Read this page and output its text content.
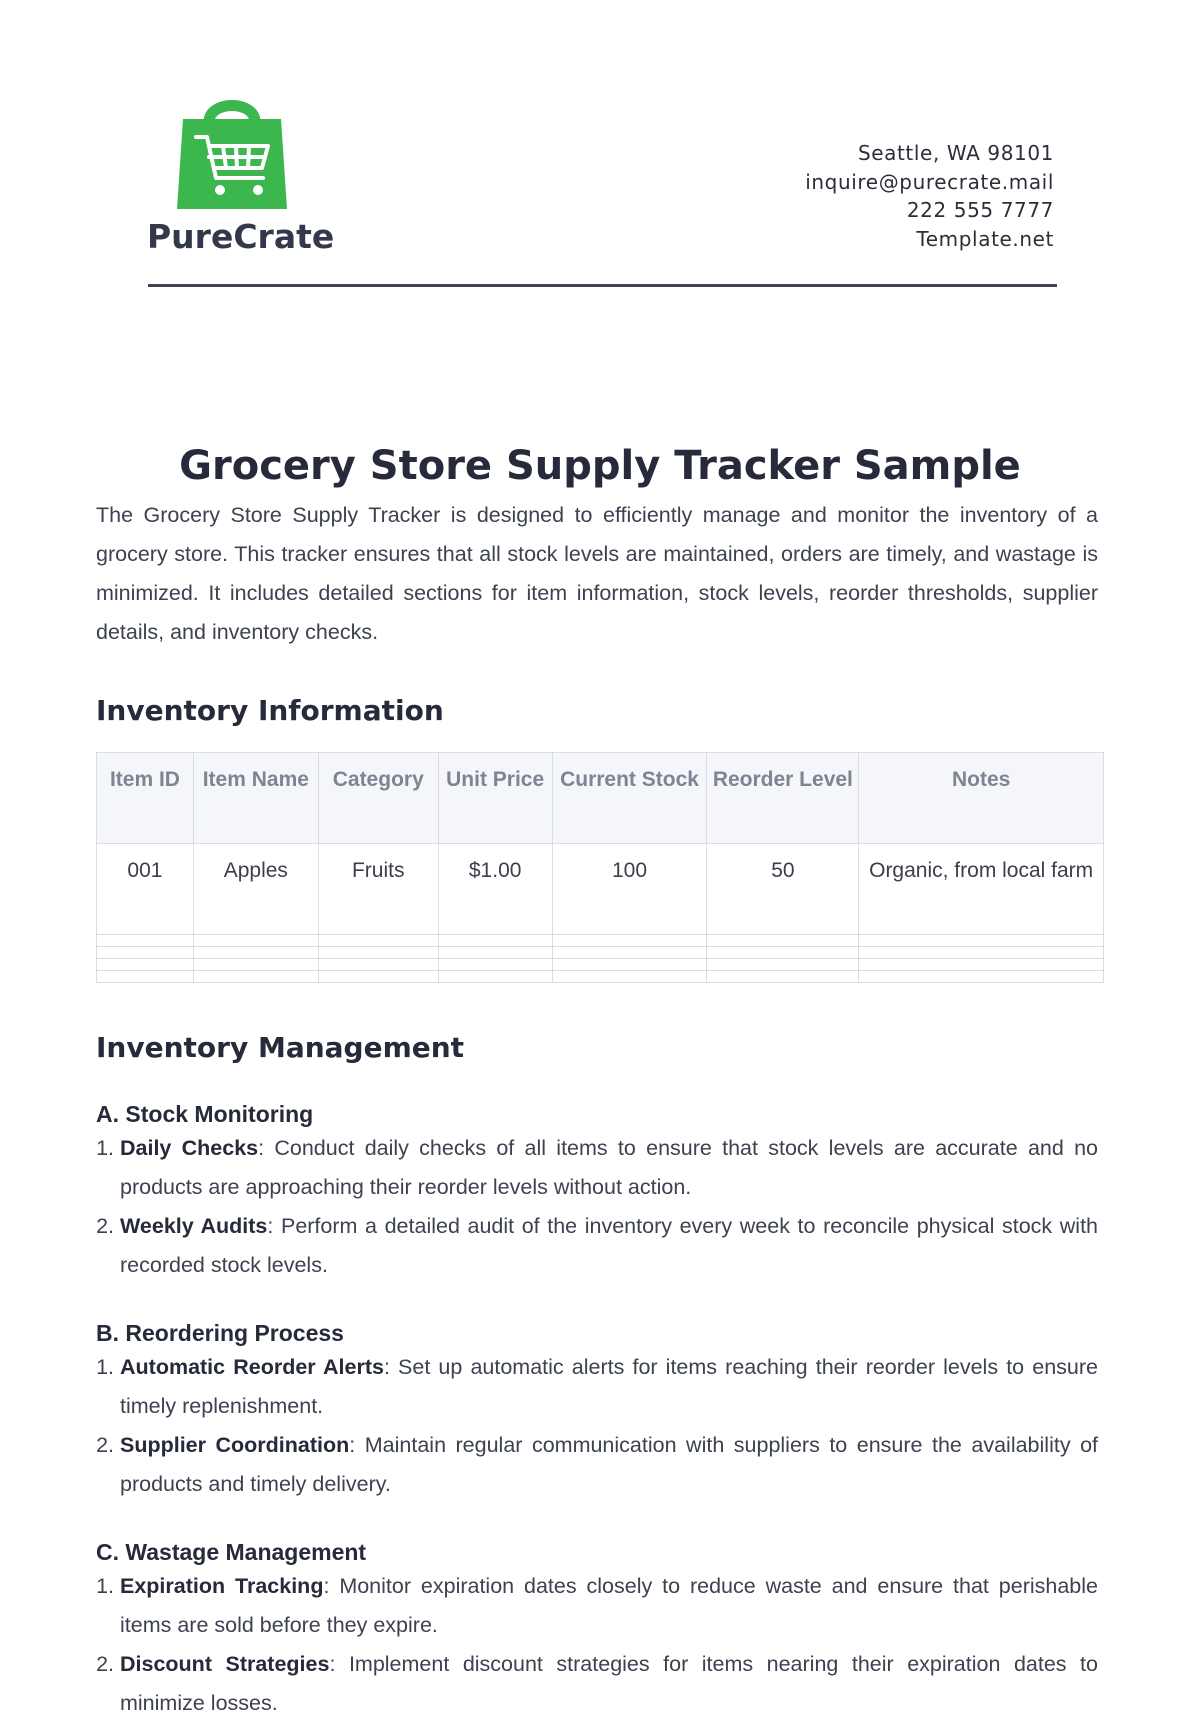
PureCrate
Seattle, WA 98101
inquire@purecrate.mail
222 555 7777
Template.net
Grocery Store Supply Tracker Sample

The Grocery Store Supply Tracker is designed to efficiently manage and monitor the inventory of a grocery store. This tracker ensures that all stock levels are maintained, orders are timely, and wastage is minimized. It includes detailed sections for item information, stock levels, reorder thresholds, supplier details, and inventory checks.

Inventory Information
Item ID	Item Name	Category	Unit Price	Current Stock	Reorder Level	Notes
001	Apples	Fruits	$1.00	100	50	Organic, from local farm

Inventory Management
A. Stock Monitoring
1. Daily Checks: Conduct daily checks of all items to ensure that stock levels are accurate and no products are approaching their reorder levels without action.
2. Weekly Audits: Perform a detailed audit of the inventory every week to reconcile physical stock with recorded stock levels.
B. Reordering Process
1. Automatic Reorder Alerts: Set up automatic alerts for items reaching their reorder levels to ensure timely replenishment.
2. Supplier Coordination: Maintain regular communication with suppliers to ensure the availability of products and timely delivery.
C. Wastage Management
1. Expiration Tracking: Monitor expiration dates closely to reduce waste and ensure that perishable items are sold before they expire.
2. Discount Strategies: Implement discount strategies for items nearing their expiration dates to minimize losses.
